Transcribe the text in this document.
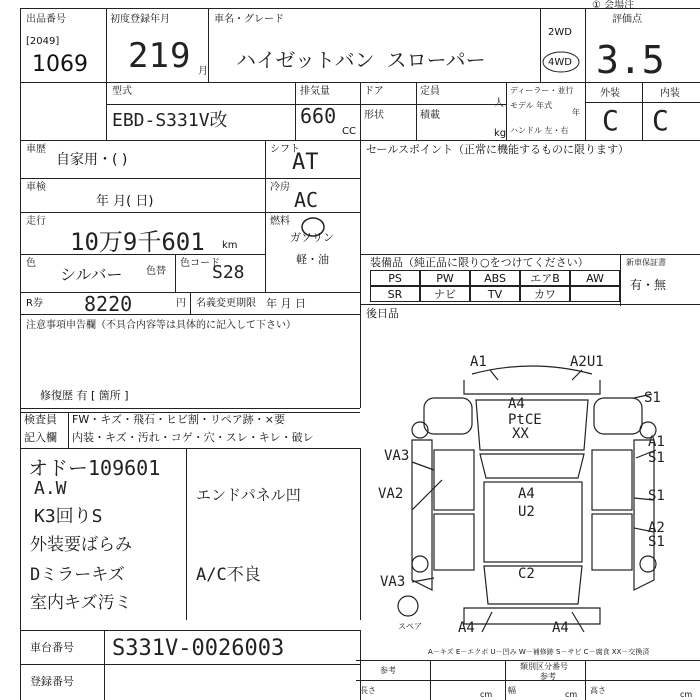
出品番号
[2049]
1069
初度登録年月
21 9 月
車名・グレード
ハイゼットバン スローパー
2WD
4WD
評価点
3.5
① 会場注
型式
EBD-S331V改
排気量
660
CC
ドア	定員
人
形状	積載
kg
ディーラー・並行
モデル 年式
年
ハンドル 左・右
外装	内装
C C
車歴
自家用・( )
シフト
AT
車検
年 月( 日)
冷房
AC
走行
10万9千601 km
燃料
ガソリン
軽・油
色
シルバー 色替
色コード
S28
R券 8220	円 名義変更期限 年 月 日
注意事項申告欄（不具合内容等は具体的に記入して下さい）
修復歴 有 [ 箇所 ]
セールスポイント（正常に機能するものに限ります）
装備品（純正品に限り○をつけてください）	新車保証書
有・無
PS	PW	ABS	エアB	AW
SR	ナビ	TV	カワ
後日品
検査員 FW・キズ・飛石・ヒビ割・リペア跡・×要
記入欄 内装・キズ・汚れ・コゲ・穴・スレ・キレ・破レ
オドー109601
A.W
K3回りS
外装要ばらみ
Dミラーキズ
室内キズ汚ミ
エンドパネル凹
A/C不良
A1	A2U1
S1
A4
PtCE
XX	A1
S1
VA3
A4
U2
VA2	S1
A2
S1
C2
VA3
A4	A4
スペア
A－キズ E－エクボ U－凹み W－補修跡 S－サビ C－腐食 XX－交換済
車台番号 S331V-0026003
登録番号
参考	類別区分番号
参考
長さ	cm 幅	cm 高さ	cm
